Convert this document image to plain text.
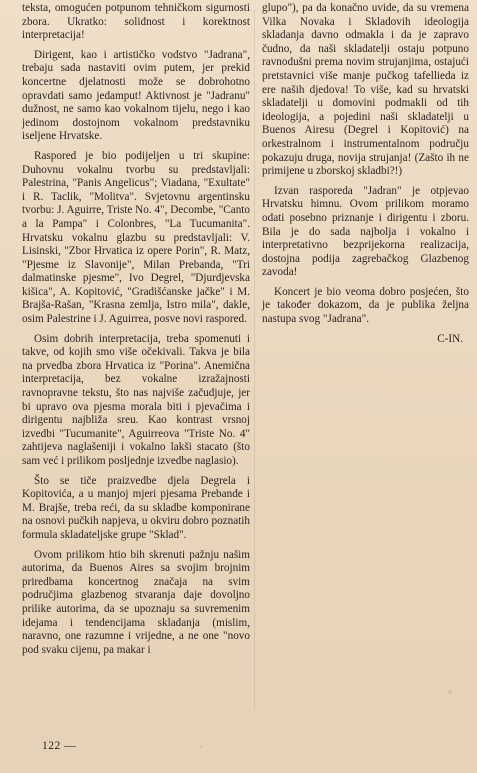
teksta, omogućen potpunom tehničkom sigurnosti zbora. Ukratko: solidnost i korektnost interpretacija!

Dirigent, kao i artističko vodstvo "Jadrana", trebaju sada nastaviti ovim putem, jer prekid koncertne djelatnosti može se dobrohotno opravdati samo jedamput! Aktivnost je "Jadranu" dužnost, ne samo kao vokalnom tijelu, nego i kao jedinom dostojnom vokalnom predstavniku iseljene Hrvatske.

Raspored je bio podijeljen u tri skupine: Duhovnu vokalnu tvorbu su predstavljali: Palestrina, "Panis Angelicus"; Viadana, "Exultate" i R. Taclik, "Molitva". Svjetovnu argentinsku tvorbu: J. Aguirre, Triste No. 4", Decombe, "Canto a la Pampa" i Colonbres, "La Tucumanita". Hrvatsku vokalnu glazbu su predstavljali: V. Lisinski, "Zbor Hrvatica iz opere Porin", R. Matz, "Pjesme iz Slavonije", Milan Prebanda, "Tri dalmatinske pjesme", Ivo Degrel, "Djurdjevska kišica", A. Kopitović, "Gradišćanske jačke" i M. Brajša-Rašan, "Krasna zemlja, Istro mila", dakle, osim Palestrine i J. Aguirrea, posve novi raspored.

Osim dobrih interpretacija, treba spomenuti i takve, od kojih smo više očekivali. Takva je bila na prvedba zbora Hrvatica iz "Porina". Anemična interpretacija, bez vokalne izražajnosti ravnopravne tekstu, što nas najviše začudjuje, jer bi upravo ova pjesma morala biti i pjevačima i dirigentu najbliža sreu. Kao kontrast vrsnoj izvedbi "Tucumanite", Aguirreova "Triste No. 4" zahtijeva naglašeniji i vokalno lakši stacato (što sam već i prilikom posljednje izvedbe naglasio).

Što se tiče praizvedbe djela Degrela i Kopitovića, a u manjoj mjeri pjesama Prebande i M. Brajše, treba reći, da su skladbe komponirane na osnovi pučkih napjeva, u okviru dobro poznatih formula skladateljske grupe "Sklad".

Ovom prilikom htio bih skrenuti pažnju našim autorima, da Buenos Aires sa svojim brojnim priredbama koncertnog značaja na svim područjima glazbenog stvaranja daje dovoljno prilike autorima, da se upoznaju sa suvremenim idejama i tendencijama skladanja (mislim, naravno, one razumne i vrijedne, a ne one "novo pod svaku cijenu, pa makar i

glupo"), pa da konačno uvide, da su vremena Vilka Novaka i Skladovih ideologija skladanja davno odmakla i da je zapravo čudno, da naši skladatelji ostaju potpuno ravnodušni prema novim strujanjima, ostajući pretstavnici više manje pučkog tafellieda iz ere naših djedova! To više, kad su hrvatski skladatelji u domovini podmakli od tih ideologija, a pojedini naši skladatelji u Buenos Airesu (Degrel i Kopitović) na orkestralnom i instrumentalnom području pokazuju druga, novija strujanja! (Zašto ih ne primijene u zborskoj skladbi?!)

Izvan rasporeda "Jadran" je otpjevao Hrvatsku himnu. Ovom prilikom moramo odati posebno priznanje i dirigentu i zboru. Bila je do sada najbolja i vokalno i interpretativno bezprijekorna realizacija, dostojna podija zagrebačkog Glazbenog zavoda!

Koncert je bio veoma dobro posjećen, što je također dokazom, da je publika željna nastupa svog "Jadrana".

C-IN.

122 —
